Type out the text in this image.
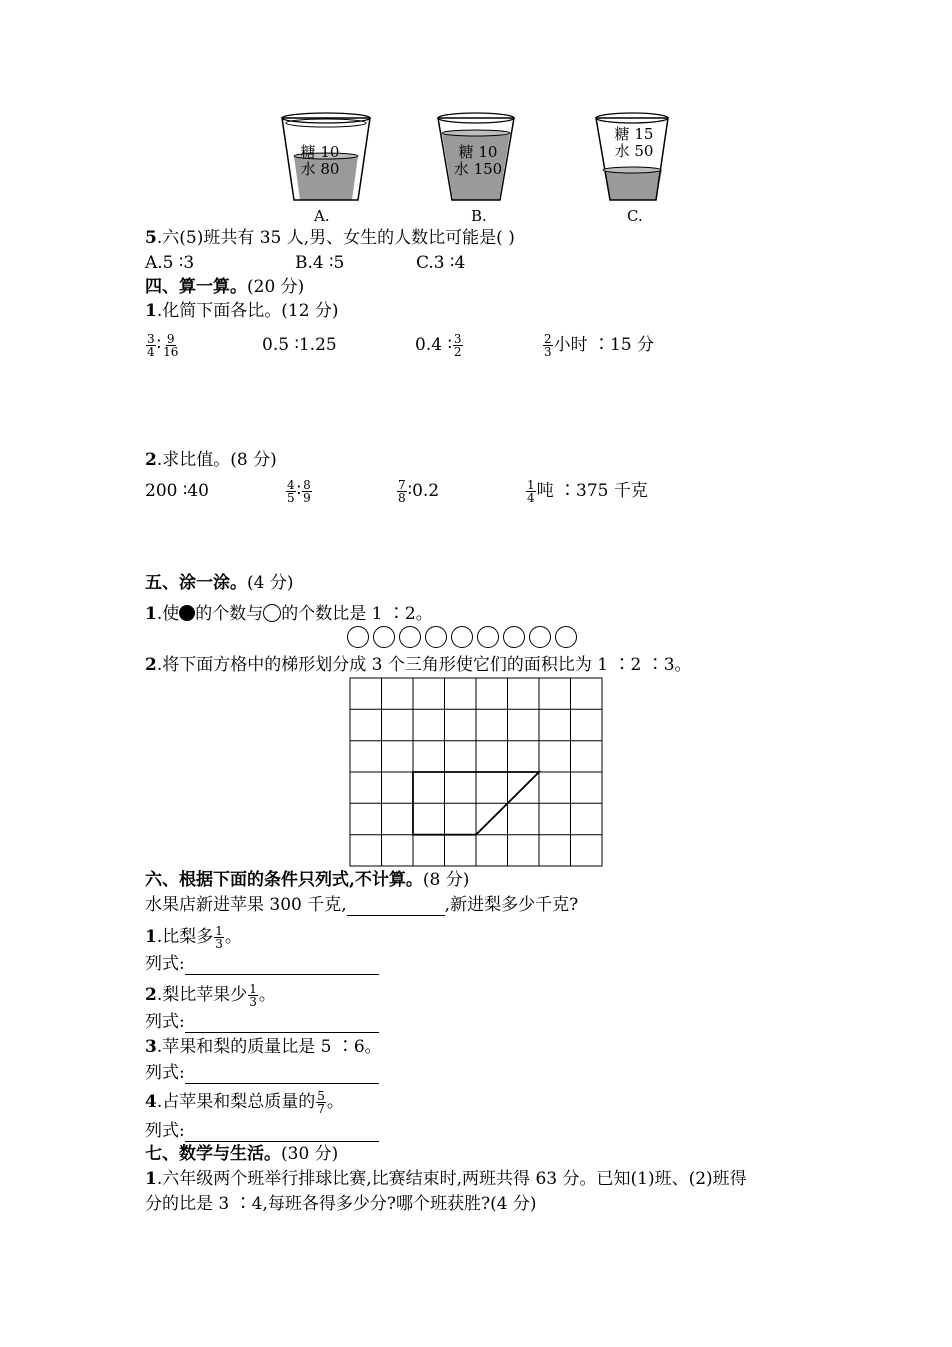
糖 10
水 80
糖 10
水 150
糖 15
水 50
A.	B.	C.
5.六(5)班共有 35 人,男、女生的人数比可能是( )
A.5 ∶3	B.4 ∶5	C.3 ∶4
四、算一算。(20 分)
1.化简下面各比。(12 分)
$\frac{3}{4}$ ∶ $\frac{9}{16}$	0.5 ∶1.25	0.4 ∶ $\frac{3}{2}$	$\frac{2}{3}$ 小时 ∶15 分
2.求比值。(8 分)
200 ∶40	$\frac{4}{5}$ ∶ $\frac{8}{9}$	$\frac{7}{8}$ ∶0.2	$\frac{1}{4}$ 吨 ∶375 千克
五、涂一涂。(4 分)
1.使 的个数与 的个数比是 1 ∶2。
2.将下面方格中的梯形划分成 3 个三角形使它们的面积比为 1 ∶2 ∶3。
六、根据下面的条件只列式,不计算。(8 分)
水果店新进苹果 300 千克,	,新进梨多少千克?
1.比梨多 $\frac{1}{3}$ 。
列式:
2.梨比苹果少 $\frac{1}{3}$ 。
列式:
3.苹果和梨的质量比是 5 ∶6。
列式:
4.占苹果和梨总质量的 $\frac{5}{7}$ 。
列式:
七、数学与生活。(30 分)
1.六年级两个班举行排球比赛,比赛结束时,两班共得 63 分。已知(1)班、(2)班得
分的比是 3 ∶4,每班各得多少分?哪个班获胜?(4 分)
